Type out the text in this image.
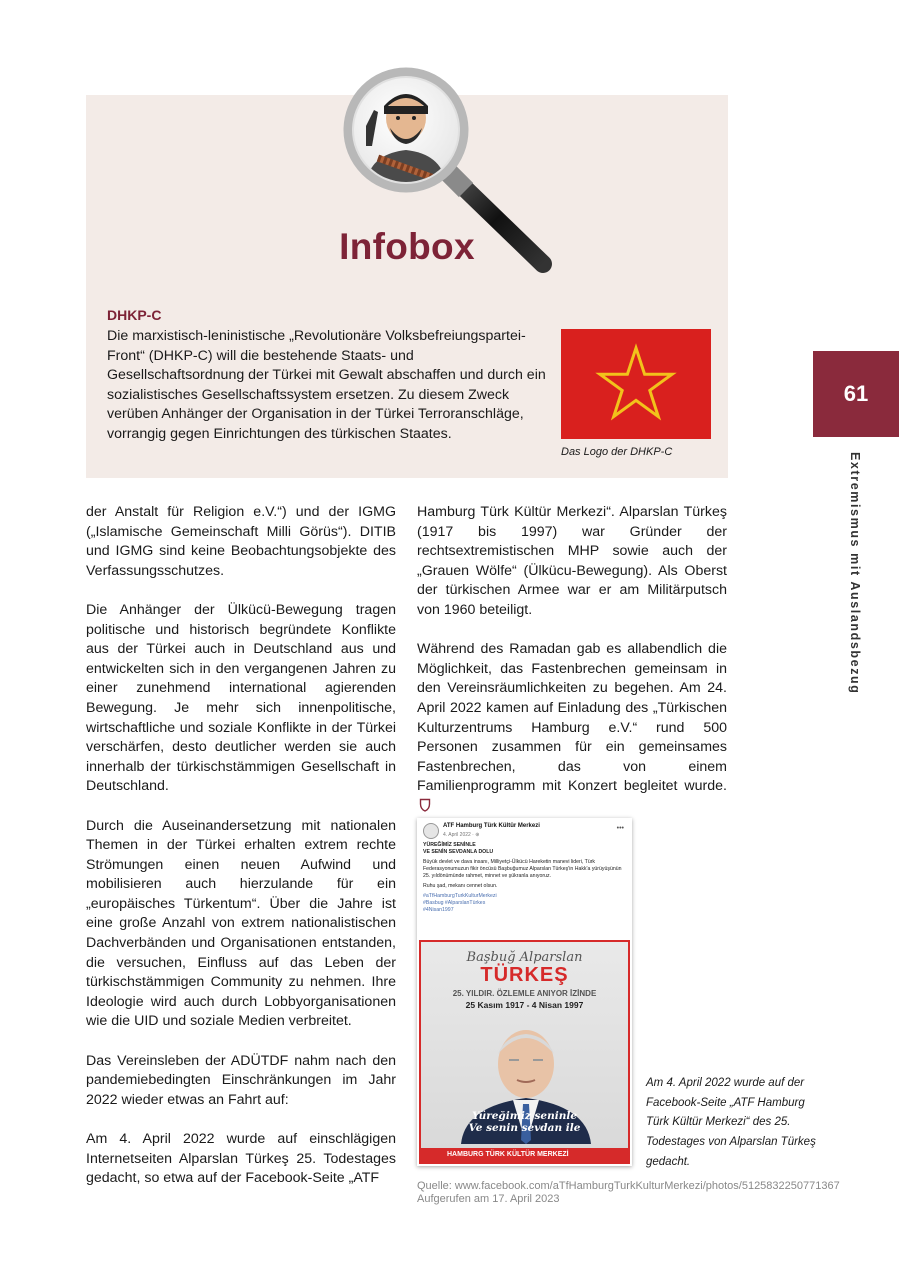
Infobox
DHKP-C
Die marxistisch-leninistische „Revolutionäre Volksbefreiungspartei-Front“ (DHKP-C) will die bestehende Staats- und Gesellschaftsordnung der Türkei mit Gewalt abschaffen und durch ein sozialistisches Gesellschaftssystem ersetzen. Zu diesem Zweck verüben Anhänger der Organisation in der Türkei Terroranschläge, vorrangig gegen Einrichtungen des türkischen Staates.
Das Logo der DHKP-C
61
Extremismus mit Auslandsbezug

der Anstalt für Religion e.V.“) und der IGMG („Islamische Gemeinschaft Milli Görüs“). DITIB und IGMG sind keine Beobachtungsobjekte des Verfassungsschutzes.

Die Anhänger der Ülkücü-Bewegung tragen politische und historisch begründete Konflikte aus der Türkei auch in Deutschland aus und entwickelten sich in den vergangenen Jahren zu einer zunehmend international agierenden Bewegung. Je mehr sich innenpolitische, wirtschaftliche und soziale Konflikte in der Türkei verschärfen, desto deutlicher werden sie auch innerhalb der türkischstämmigen Gesellschaft in Deutschland.

Durch die Auseinandersetzung mit nationalen Themen in der Türkei erhalten extrem rechte Strömungen einen neuen Aufwind und mobilisieren auch hierzulande für ein „europäisches Türkentum“. Über die Jahre ist eine große Anzahl von extrem nationalistischen Dachverbänden und Organisationen entstanden, die versuchen, Einfluss auf das Leben der türkischstämmigen Community zu nehmen. Ihre Ideologie wird auch durch Lobbyorganisationen wie die UID und soziale Medien verbreitet.

Das Vereinsleben der ADÜTDF nahm nach den pandemiebedingten Einschränkungen im Jahr 2022 wieder etwas an Fahrt auf:

Am 4. April 2022 wurde auf einschlägigen Internetseiten Alparslan Türkeş 25. Todestages gedacht, so etwa auf der Facebook-Seite „ATF

Hamburg Türk Kültür Merkezi“. Alparslan Türkeş (1917 bis 1997) war Gründer der rechtsextremistischen MHP sowie auch der „Grauen Wölfe“ (Ülkücu-Bewegung). Als Oberst der türkischen Armee war er am Militärputsch von 1960 beteiligt.

Während des Ramadan gab es allabendlich die Möglichkeit, das Fastenbrechen gemeinsam in den Vereinsräumlichkeiten zu begehen. Am 24. April 2022 kamen auf Einladung des „Türkischen Kulturzentrums Hamburg e.V.“ rund 500 Personen zusammen für ein gemeinsames Fastenbrechen, das von einem Familienprogramm mit Konzert begleitet wurde.

ATF Hamburg Türk Kültür Merkezi
4. April 2022 · ⊕
•••
YÜREĞİMİZ SENİNLE
VE SENİN SEVDANLA DOLU
Büyük devlet ve dava insanı, Milliyetçi-Ülkücü Hareketin manevi lideri, Türk Federasyonumuzun fikir öncüsü Başbuğumuz Alparslan Türkeş'in Hakk'a yürüyüşünün 25. yıldönümünde rahmet, minnet ve şükranla anıyoruz.
Ruhu şad, mekanı cennet olsun.
#aTfHamburgTurkKulturMerkezi
#Basbug #AlparslanTürkes
#4Nisan1997
Başbuğ Alparslan
TÜRKEŞ
25. YILDIR. ÖZLEMLE ANIYOR İZİNDE
25 Kasım 1917 - 4 Nisan 1997
Yüreğimiz seninle
Ve senin sevdan ile
HAMBURG TÜRK KÜLTÜR MERKEZİ
Am 4. April 2022 wurde auf der Facebook-Seite „ATF Hamburg Türk Kültür Merkezi“ des 25. Todestages von Alparslan Türkeş gedacht.
Quelle: www.facebook.com/aTfHamburgTurkKulturMerkezi/photos/5125832250771367
Aufgerufen am 17. April 2023
